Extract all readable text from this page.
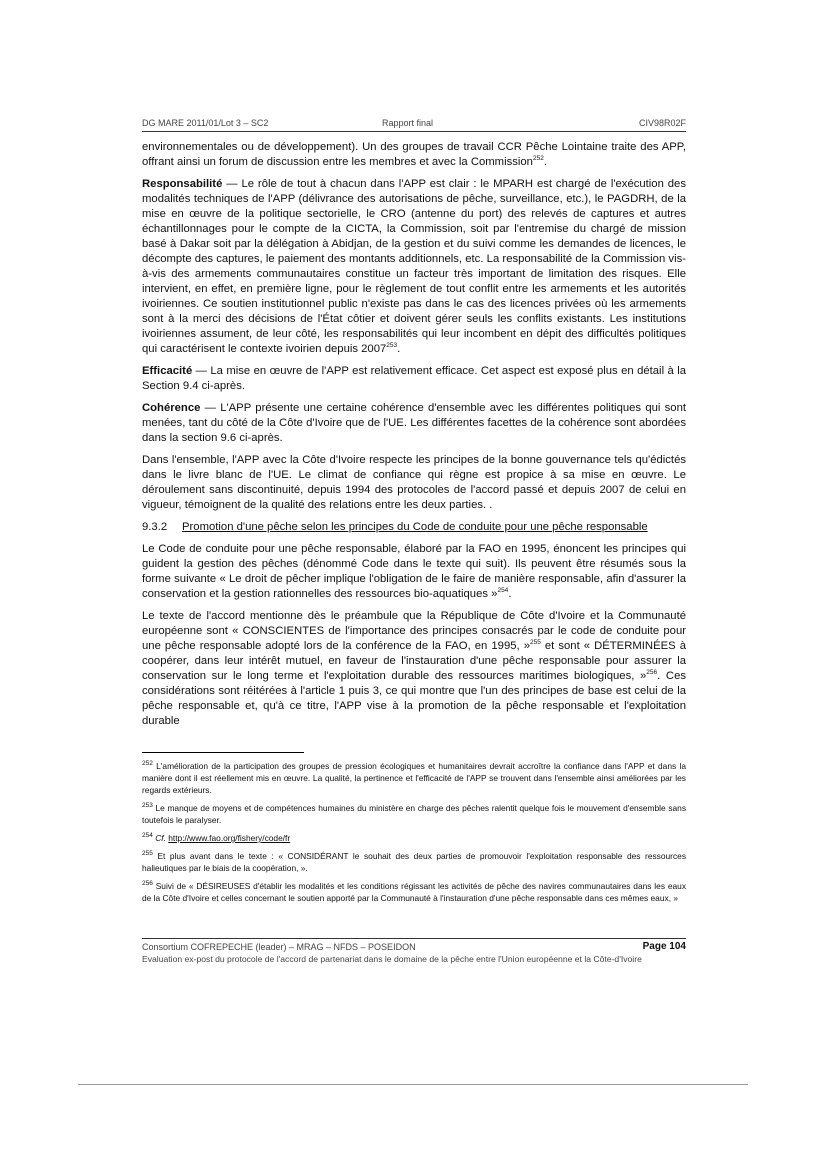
DG MARE 2011/01/Lot 3 – SC2	Rapport final	CIV98R02F

environnementales ou de développement). Un des groupes de travail CCR Pêche Lointaine traite des APP, offrant ainsi un forum de discussion entre les membres et avec la Commission$^{252}$.

Responsabilité — Le rôle de tout à chacun dans l'APP est clair : le MPARH est chargé de l'exécution des modalités techniques de l'APP (délivrance des autorisations de pêche, surveillance, etc.), le PAGDRH, de la mise en œuvre de la politique sectorielle, le CRO (antenne du port) des relevés de captures et autres échantillonnages pour le compte de la CICTA, la Commission, soit par l'entremise du chargé de mission basé à Dakar soit par la délégation à Abidjan, de la gestion et du suivi comme les demandes de licences, le décompte des captures, le paiement des montants additionnels, etc. La responsabilité de la Commission vis-à-vis des armements communautaires constitue un facteur très important de limitation des risques. Elle intervient, en effet, en première ligne, pour le règlement de tout conflit entre les armements et les autorités ivoiriennes. Ce soutien institutionnel public n'existe pas dans le cas des licences privées où les armements sont à la merci des décisions de l'État côtier et doivent gérer seuls les conflits existants. Les institutions ivoiriennes assument, de leur côté, les responsabilités qui leur incombent en dépit des difficultés politiques qui caractérisent le contexte ivoirien depuis 2007$^{253}$.

Efficacité — La mise en œuvre de l'APP est relativement efficace. Cet aspect est exposé plus en détail à la Section 9.4 ci-après.

Cohérence — L'APP présente une certaine cohérence d'ensemble avec les différentes politiques qui sont menées, tant du côté de la Côte d'Ivoire que de l'UE. Les différentes facettes de la cohérence sont abordées dans la section 9.6 ci-après.

Dans l'ensemble, l'APP avec la Côte d'Ivoire respecte les principes de la bonne gouvernance tels qu'édictés dans le livre blanc de l'UE. Le climat de confiance qui règne est propice à sa mise en œuvre. Le déroulement sans discontinuité, depuis 1994 des protocoles de l'accord passé et depuis 2007 de celui en vigueur, témoignent de la qualité des relations entre les deux parties. .

9.3.2	Promotion d'une pêche selon les principes du Code de conduite pour une pêche responsable

Le Code de conduite pour une pêche responsable, élaboré par la FAO en 1995, énoncent les principes qui guident la gestion des pêches (dénommé Code dans le texte qui suit). Ils peuvent être résumés sous la forme suivante « Le droit de pêcher implique l'obligation de le faire de manière responsable, afin d'assurer la conservation et la gestion rationnelles des ressources bio-aquatiques »$^{254}$.

Le texte de l'accord mentionne dès le préambule que la République de Côte d'Ivoire et la Communauté européenne sont « CONSCIENTES de l'importance des principes consacrés par le code de conduite pour une pêche responsable adopté lors de la conférence de la FAO, en 1995, »$^{255}$ et sont « DÉTERMINÉES à coopérer, dans leur intérêt mutuel, en faveur de l'instauration d'une pêche responsable pour assurer la conservation sur le long terme et l'exploitation durable des ressources maritimes biologiques, »$^{256}$. Ces considérations sont réitérées à l'article 1 puis 3, ce qui montre que l'un des principes de base est celui de la pêche responsable et, qu'à ce titre, l'APP vise à la promotion de la pêche responsable et l'exploitation durable

$^{252}$ L'amélioration de la participation des groupes de pression écologiques et humanitaires devrait accroître la confiance dans l'APP et dans la manière dont il est réellement mis en œuvre. La qualité, la pertinence et l'efficacité de l'APP se trouvent dans l'ensemble ainsi améliorées par les regards extérieurs.
$^{253}$ Le manque de moyens et de compétences humaines du ministère en charge des pêches ralentit quelque fois le mouvement d'ensemble sans toutefois le paralyser.
$^{254}$ Cf. http://www.fao.org/fishery/code/fr
$^{255}$ Et plus avant dans le texte : « CONSIDÉRANT le souhait des deux parties de promouvoir l'exploitation responsable des ressources halieutiques par le biais de la coopération, ».
$^{256}$ Suivi de « DÉSIREUSES d'établir les modalités et les conditions régissant les activités de pêche des navires communautaires dans les eaux de la Côte d'Ivoire et celles concernant le soutien apporté par la Communauté à l'instauration d'une pêche responsable dans ces mêmes eaux, »
Consortium COFREPECHE (leader) – MRAG – NFDS – POSEIDON	Page 104
Evaluation ex-post du protocole de l'accord de partenariat dans le domaine de la pêche entre l'Union européenne et la Côte-d'Ivoire
